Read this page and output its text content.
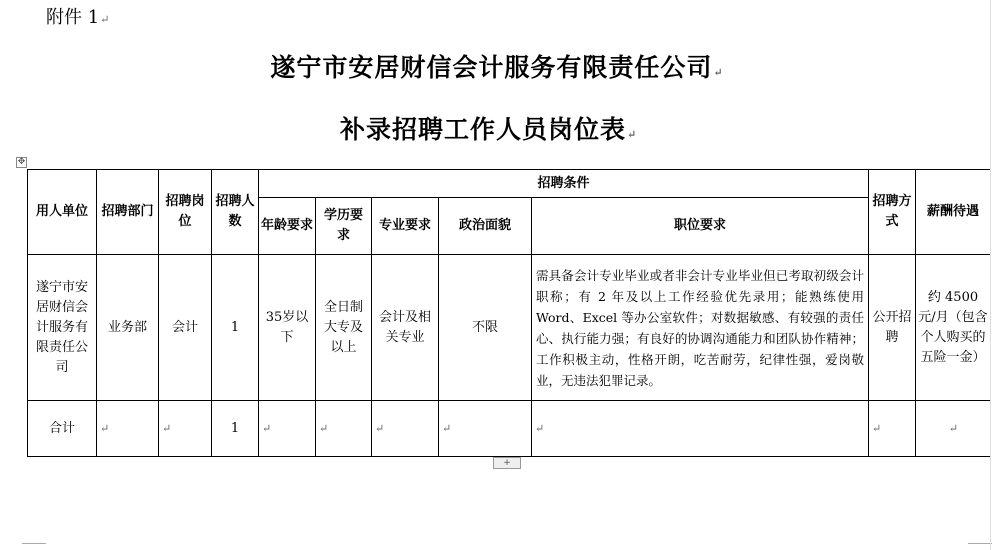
附件 1↵
遂宁市安居财信会计服务有限责任公司↵
补录招聘工作人员岗位表↵
✥
用人单位	招聘部门	招聘岗位	招聘人数	招聘条件					招聘方式	薪酬待遇
				年龄要求	学历要求	专业要求	政治面貌	职位要求		
遂宁市安居财信会计服务有限责任公司	业务部	会计	1	35岁以下	全日制大专及以上	会计及相关专业	不限	需具备会计专业毕业或者非会计专业毕业但已考取初级会计职称；有 2 年及以上工作经验优先录用；能熟练使用 Word、Excel 等办公室软件；对数据敏感、有较强的责任心、执行能力强；有良好的协调沟通能力和团队协作精神；工作积极主动，性格开朗，吃苦耐劳，纪律性强，爱岗敬业，无违法犯罪记录。	公开招聘	约 4500 元/月（包含个人购买的五险一金）
合计	↵	↵	1	↵	↵	↵	↵	↵	↵	↵
+
